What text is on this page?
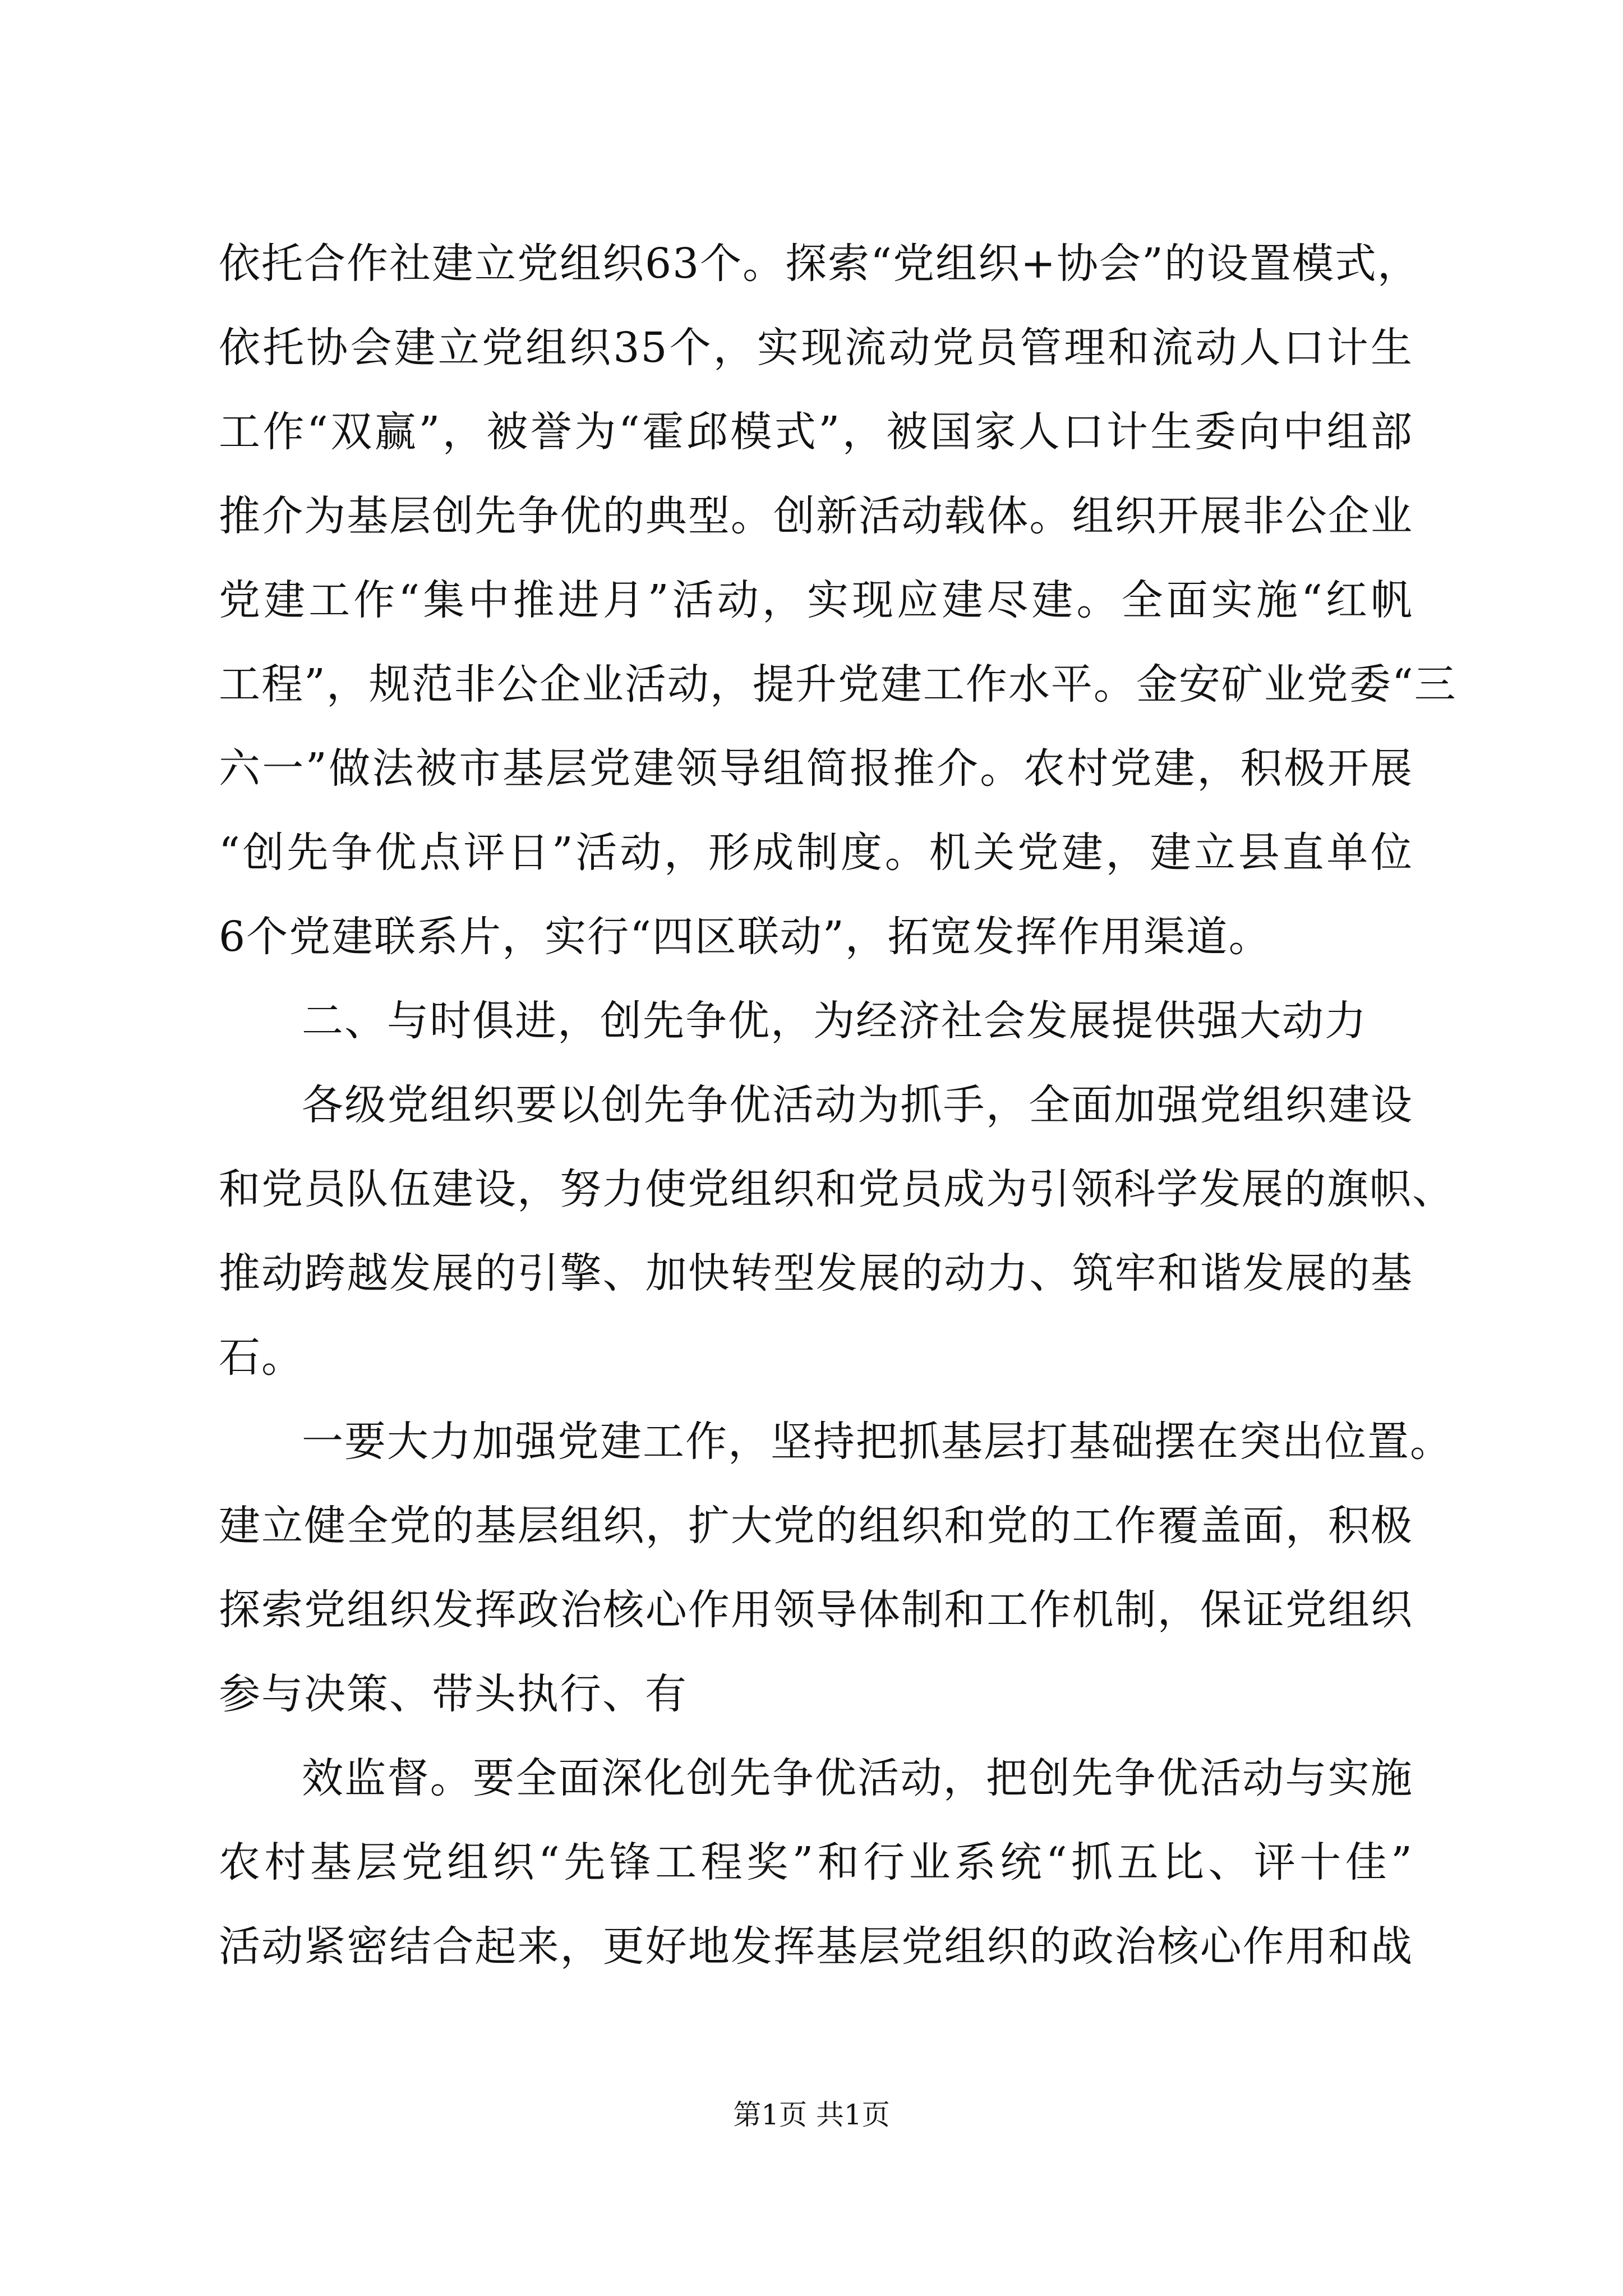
依托合作社建立党组织63个。探索“党组织+协会”的设置模式，
依托协会建立党组织35个，实现流动党员管理和流动人口计生
工作“双赢”，被誉为“霍邱模式”，被国家人口计生委向中组部
推介为基层创先争优的典型。创新活动载体。组织开展非公企业
党建工作“集中推进月”活动，实现应建尽建。全面实施“红帆
工程”，规范非公企业活动，提升党建工作水平。金安矿业党委“三
六一”做法被市基层党建领导组简报推介。农村党建，积极开展
“创先争优点评日”活动，形成制度。机关党建，建立县直单位
6个党建联系片，实行“四区联动”，拓宽发挥作用渠道。
二、与时俱进，创先争优，为经济社会发展提供强大动力
各级党组织要以创先争优活动为抓手，全面加强党组织建设
和党员队伍建设，努力使党组织和党员成为引领科学发展的旗帜、
推动跨越发展的引擎、加快转型发展的动力、筑牢和谐发展的基
石。
一要大力加强党建工作，坚持把抓基层打基础摆在突出位置。
建立健全党的基层组织，扩大党的组织和党的工作覆盖面，积极
探索党组织发挥政治核心作用领导体制和工作机制，保证党组织
参与决策、带头执行、有
效监督。要全面深化创先争优活动，把创先争优活动与实施
农村基层党组织“先锋工程奖”和行业系统“抓五比、评十佳”
活动紧密结合起来，更好地发挥基层党组织的政治核心作用和战
第1页 共1页
